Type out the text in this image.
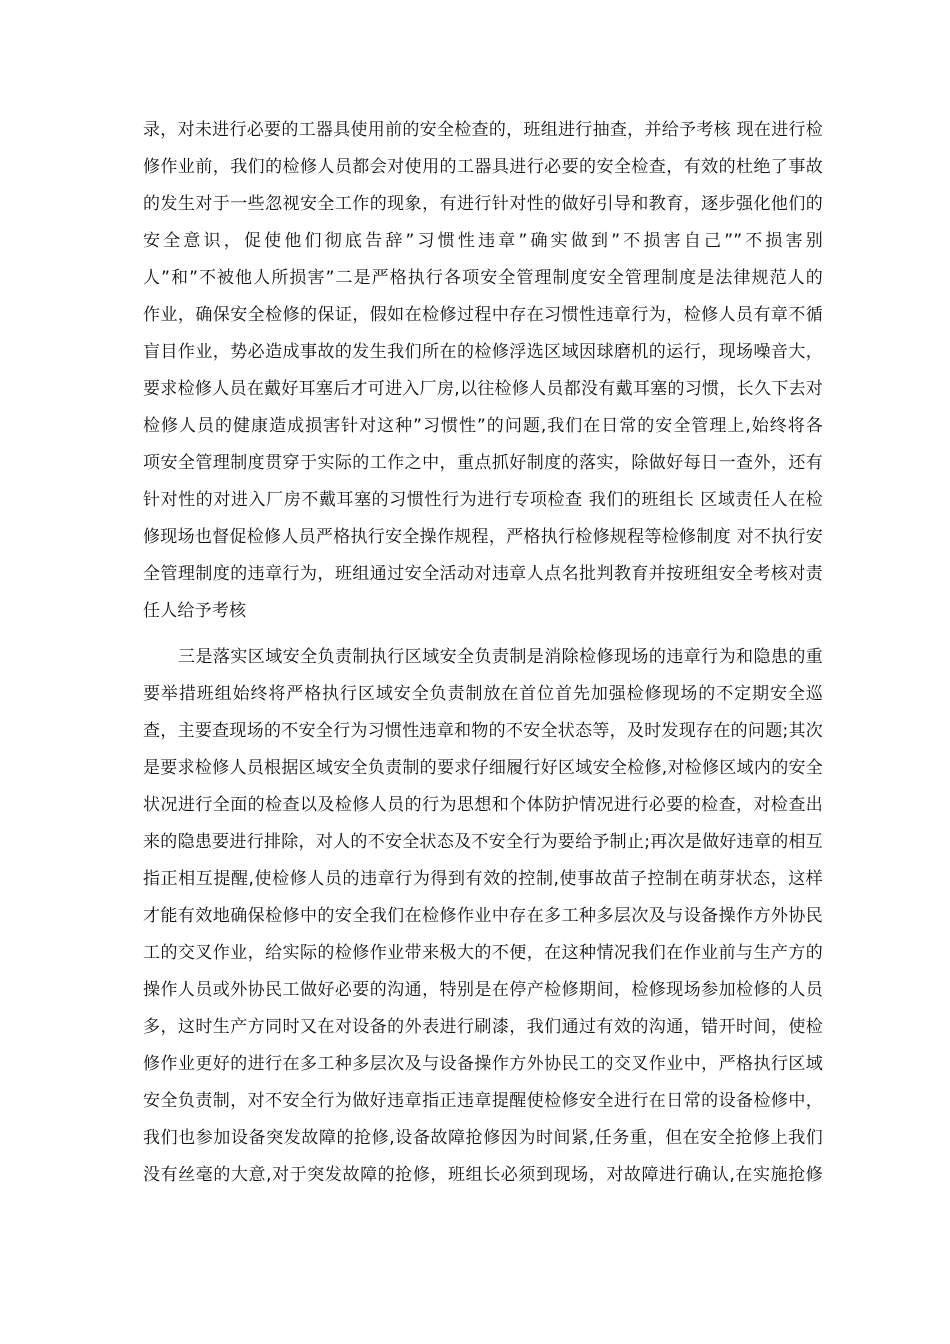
录，对未进行必要的工器具使用前的安全检查的，班组进行抽查，并给予考核 现在进行检
修作业前，我们的检修人员都会对使用的工器具进行必要的安全检查，有效的杜绝了事故
的发生对于一些忽视安全工作的现象，有进行针对性的做好引导和教育，逐步强化他们的
安全意识，促使他们彻底告辞”习惯性违章”确实做到”不损害自己””不损害别
人”和”不被他人所损害”二是严格执行各项安全管理制度安全管理制度是法律规范人的
作业，确保安全检修的保证，假如在检修过程中存在习惯性违章行为，检修人员有章不循
盲目作业，势必造成事故的发生我们所在的检修浮选区域因球磨机的运行，现场噪音大，
要求检修人员在戴好耳塞后才可进入厂房,以往检修人员都没有戴耳塞的习惯，长久下去对
检修人员的健康造成损害针对这种”习惯性”的问题,我们在日常的安全管理上,始终将各
项安全管理制度贯穿于实际的工作之中，重点抓好制度的落实，除做好每日一查外，还有
针对性的对进入厂房不戴耳塞的习惯性行为进行专项检查 我们的班组长 区域责任人在检
修现场也督促检修人员严格执行安全操作规程，严格执行检修规程等检修制度 对不执行安
全管理制度的违章行为，班组通过安全活动对违章人点名批判教育并按班组安全考核对责
任人给予考核
三是落实区域安全负责制执行区域安全负责制是消除检修现场的违章行为和隐患的重
要举措班组始终将严格执行区域安全负责制放在首位首先加强检修现场的不定期安全巡
查，主要查现场的不安全行为习惯性违章和物的不安全状态等，及时发现存在的问题;其次
是要求检修人员根据区域安全负责制的要求仔细履行好区域安全检修,对检修区域内的安全
状况进行全面的检查以及检修人员的行为思想和个体防护情况进行必要的检查，对检查出
来的隐患要进行排除，对人的不安全状态及不安全行为要给予制止;再次是做好违章的相互
指正相互提醒,使检修人员的违章行为得到有效的控制,使事故苗子控制在萌芽状态，这样
才能有效地确保检修中的安全我们在检修作业中存在多工种多层次及与设备操作方外协民
工的交叉作业，给实际的检修作业带来极大的不便，在这种情况我们在作业前与生产方的
操作人员或外协民工做好必要的沟通，特别是在停产检修期间，检修现场参加检修的人员
多，这时生产方同时又在对设备的外表进行刷漆，我们通过有效的沟通，错开时间，使检
修作业更好的进行在多工种多层次及与设备操作方外协民工的交叉作业中，严格执行区域
安全负责制，对不安全行为做好违章指正违章提醒使检修安全进行在日常的设备检修中，
我们也参加设备突发故障的抢修,设备故障抢修因为时间紧,任务重，但在安全抢修上我们
没有丝毫的大意,对于突发故障的抢修，班组长必须到现场，对故障进行确认,在实施抢修
